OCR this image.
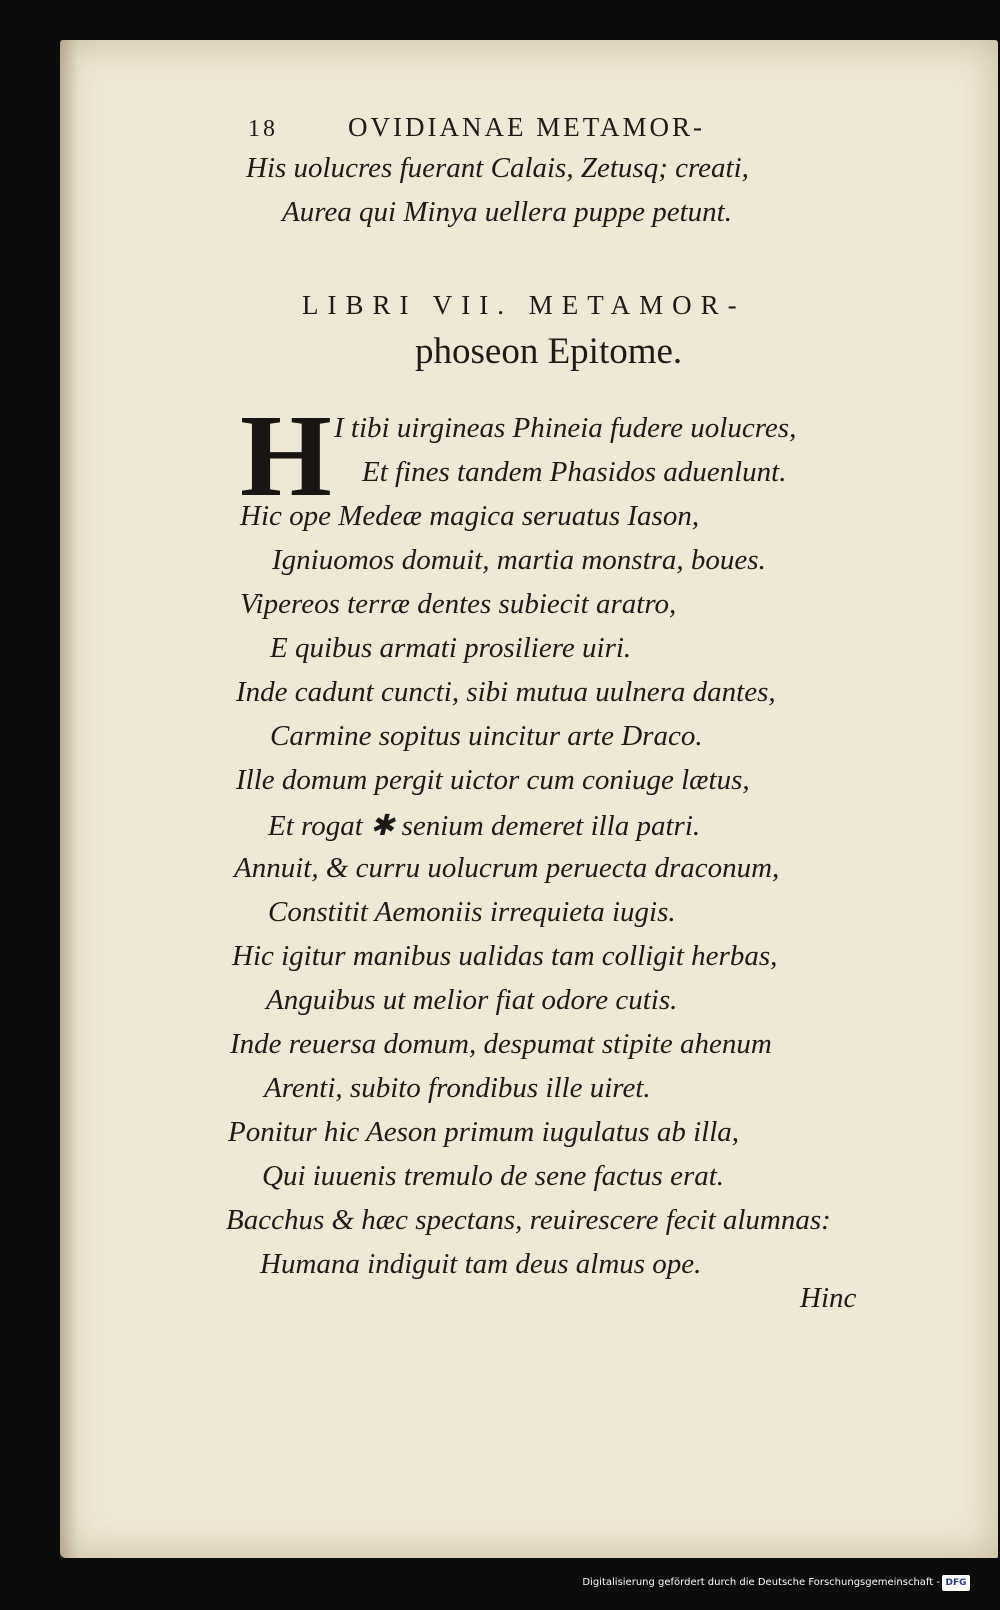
18	OVIDIANAE METAMOR-
His uolucres fuerant Calais, Zetusq; creati,
Aurea qui Minya uellera puppe petunt.
LIBRI VII. METAMOR-
phoseon Epitome.
H I tibi uirgineas Phineia fudere uolucres,
Et fines tandem Phasidos aduenlunt.
Hic ope Medeæ magica seruatus Iason,
Igniuomos domuit, martia monstra, boues.
Vipereos terræ dentes subiecit aratro,
E quibus armati prosiliere uiri.
Inde cadunt cuncti, sibi mutua uulnera dantes,
Carmine sopitus uincitur arte Draco.
Ille domum pergit uictor cum coniuge lætus,
Et rogat ✱ senium demeret illa patri.
Annuit, & curru uolucrum peruecta draconum,
Constitit Aemoniis irrequieta iugis.
Hic igitur manibus ualidas tam colligit herbas,
Anguibus ut melior fiat odore cutis.
Inde reuersa domum, despumat stipite ahenum
Arenti, subito frondibus ille uiret.
Ponitur hic Aeson primum iugulatus ab illa,
Qui iuuenis tremulo de sene factus erat.
Bacchus & hæc spectans, reuirescere fecit alumnas:
Humana indiguit tam deus almus ope.
Hinc
Digitalisierung gefördert durch die Deutsche Forschungsgemeinschaft - DFG
